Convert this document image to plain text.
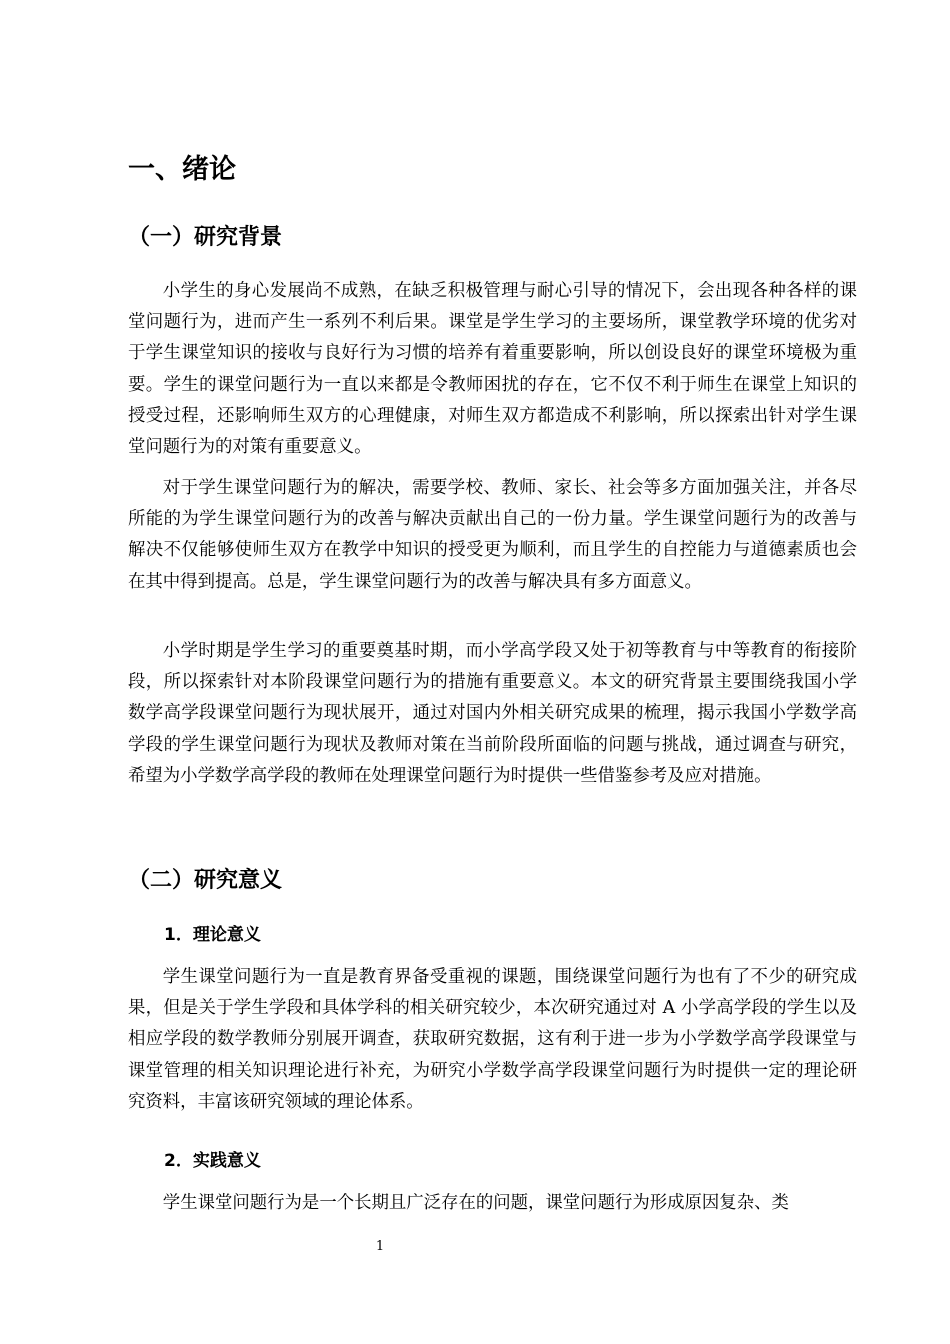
一、绪论
（一）研究背景

小学生的身心发展尚不成熟，在缺乏积极管理与耐心引导的情况下，会出现各种各样的课堂问题行为，进而产生一系列不利后果。课堂是学生学习的主要场所，课堂教学环境的优劣对于学生课堂知识的接收与良好行为习惯的培养有着重要影响，所以创设良好的课堂环境极为重要。学生的课堂问题行为一直以来都是令教师困扰的存在，它不仅不利于师生在课堂上知识的授受过程，还影响师生双方的心理健康，对师生双方都造成不利影响，所以探索出针对学生课堂问题行为的对策有重要意义。

对于学生课堂问题行为的解决，需要学校、教师、家长、社会等多方面加强关注，并各尽所能的为学生课堂问题行为的改善与解决贡献出自己的一份力量。学生课堂问题行为的改善与解决不仅能够使师生双方在教学中知识的授受更为顺利，而且学生的自控能力与道德素质也会在其中得到提高。总是，学生课堂问题行为的改善与解决具有多方面意义。

小学时期是学生学习的重要奠基时期，而小学高学段又处于初等教育与中等教育的衔接阶段，所以探索针对本阶段课堂问题行为的措施有重要意义。本文的研究背景主要围绕我国小学数学高学段课堂问题行为现状展开，通过对国内外相关研究成果的梳理，揭示我国小学数学高学段的学生课堂问题行为现状及教师对策在当前阶段所面临的问题与挑战，通过调查与研究，希望为小学数学高学段的教师在处理课堂问题行为时提供一些借鉴参考及应对措施。

（二）研究意义
1．理论意义

学生课堂问题行为一直是教育界备受重视的课题，围绕课堂问题行为也有了不少的研究成果，但是关于学生学段和具体学科的相关研究较少，本次研究通过对 A 小学高学段的学生以及相应学段的数学教师分别展开调查，获取研究数据，这有利于进一步为小学数学高学段课堂与课堂管理的相关知识理论进行补充，为研究小学数学高学段课堂问题行为时提供一定的理论研究资料，丰富该研究领域的理论体系。

2．实践意义

学生课堂问题行为是一个长期且广泛存在的问题，课堂问题行为形成原因复杂、类

1
